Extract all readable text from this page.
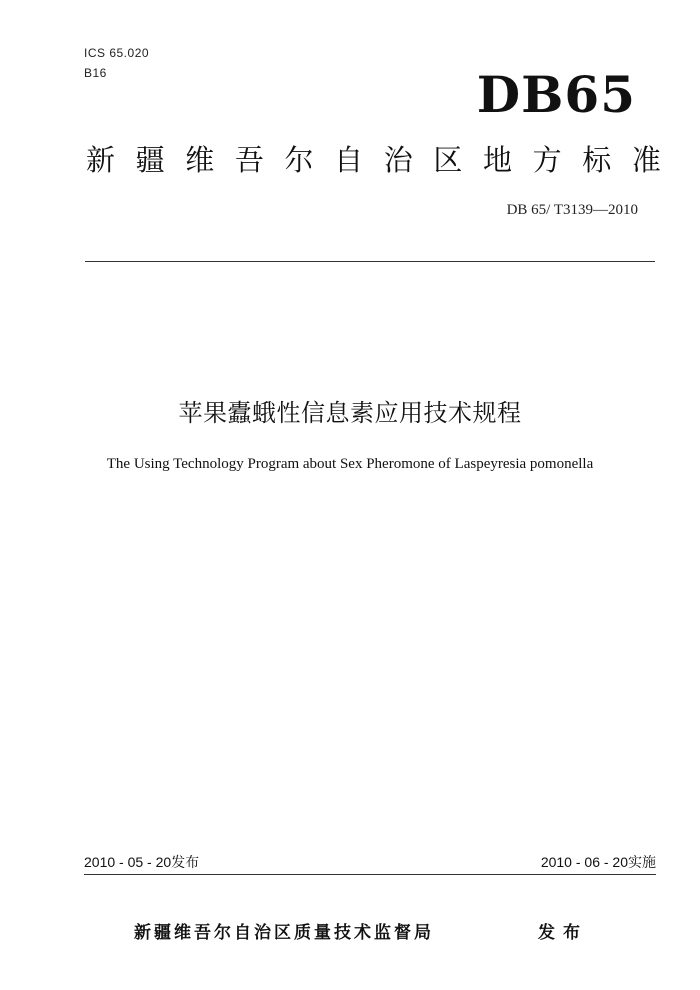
ICS 65.020
B16	DB65
新 疆 维 吾 尔 自 治 区 地 方 标 准
DB 65/ T3139—2010
苹果蠹蛾性信息素应用技术规程
The Using Technology Program about Sex Pheromone of Laspeyresia pomonella
2010 - 05 - 20发布	2010 - 06 - 20实施
新疆维吾尔自治区质量技术监督局	发布
